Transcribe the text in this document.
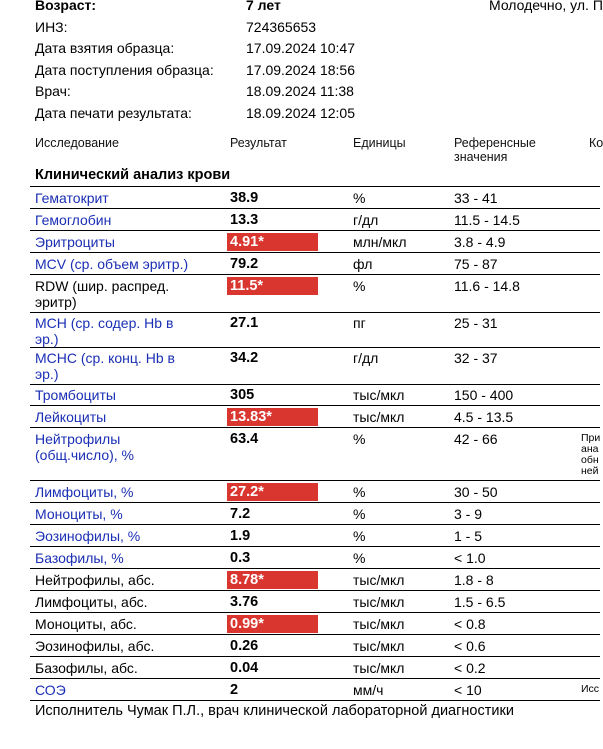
Возраст:	7 лет	Молодечно, ул. П
ИНЗ:	724365653
Дата взятия образца:	17.09.2024 10:47
Дата поступления образца: 17.09.2024 18:56
Врач:	18.09.2024 11:38
Дата печати результата:	18.09.2024 12:05
Исследование	Результат	Единицы	Референсные
значения
Ко
Клинический анализ крови
Гематокрит	38.9	%	33 - 41
Гемоглобин	13.3	г/дл	11.5 - 14.5
Эритроциты	4.91*	млн/мкл	3.8 - 4.9
MCV (ср. объем эритр.)	79.2	фл	75 - 87
RDW (шир. распред.
эритр)
11.5*	%	11.6 - 14.8
MCH (ср. содер. Hb в
эр.)
27.1	пг	25 - 31
MCHC (ср. конц. Hb в
эр.)
34.2	г/дл	32 - 37
Тромбоциты	305	тыс/мкл	150 - 400
Лейкоциты	13.83*	тыс/мкл	4.5 - 13.5
Нейтрофилы
(общ.число), %
63.4	%	42 - 66	При
ана
обн
ней
Лимфоциты, %	27.2*	%	30 - 50
Моноциты, %	7.2	%	3 - 9
Эозинофилы, %	1.9	%	1 - 5
Базофилы, %	0.3	%	< 1.0
Нейтрофилы, абс.	8.78*	тыс/мкл	1.8 - 8
Лимфоциты, абс.	3.76	тыс/мкл	1.5 - 6.5
Моноциты, абс.	0.99*	тыс/мкл	< 0.8
Эозинофилы, абс.	0.26	тыс/мкл	< 0.6
Базофилы, абс.	0.04	тыс/мкл	< 0.2
СОЭ	2	мм/ч	< 10	Исс
Исполнитель Чумак П.Л., врач клинической лабораторной диагностики
